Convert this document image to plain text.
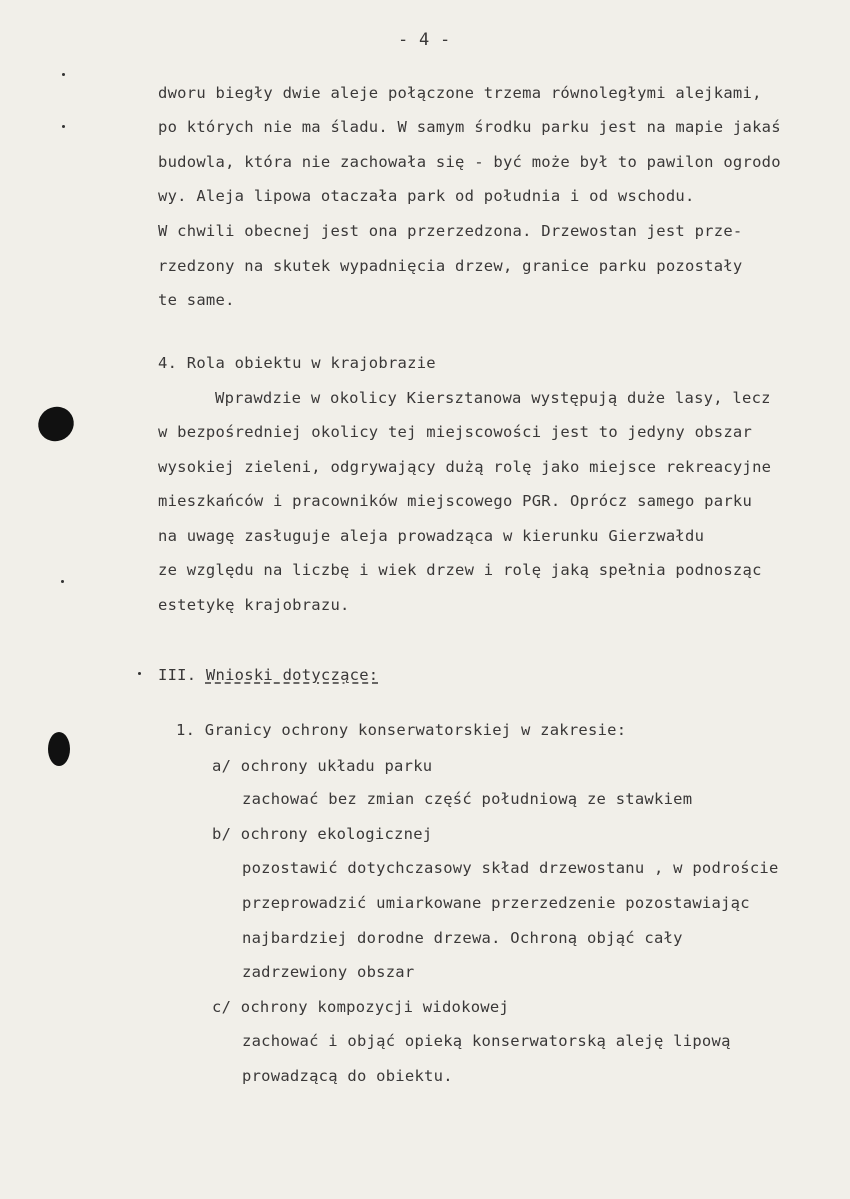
- 4 -
dworu biegły dwie aleje połączone trzema równoległymi alejkami,
po których nie ma śladu. W samym środku parku jest na mapie jakaś
budowla, która nie zachowała się - być może był to pawilon ogrodo
wy. Aleja lipowa otaczała park od południa i od wschodu.
W chwili obecnej jest ona przerzedzona. Drzewostan jest prze-
rzedzony na skutek wypadnięcia drzew, granice parku pozostały
te same.
4. Rola obiektu w krajobrazie
Wprawdzie w okolicy Kiersztanowa występują duże lasy, lecz
w bezpośredniej okolicy tej miejscowości jest to jedyny obszar
wysokiej zieleni, odgrywający dużą rolę jako miejsce rekreacyjne
mieszkańców i pracowników miejscowego PGR. Oprócz samego parku
na uwagę zasługuje aleja prowadząca w kierunku Gierzwałdu
ze względu na liczbę i wiek drzew i rolę jaką spełnia podnosząc
estetykę krajobrazu.
III. Wnioski dotyczące:
1. Granicy ochrony konserwatorskiej w zakresie:
a/ ochrony układu parku
zachować bez zmian część południową ze stawkiem
b/ ochrony ekologicznej
pozostawić dotychczasowy skład drzewostanu , w podroście
przeprowadzić umiarkowane przerzedzenie pozostawiając
najbardziej dorodne drzewa. Ochroną objąć cały
zadrzewiony obszar
c/ ochrony kompozycji widokowej
zachować i objąć opieką konserwatorską aleję lipową
prowadzącą do obiektu.
